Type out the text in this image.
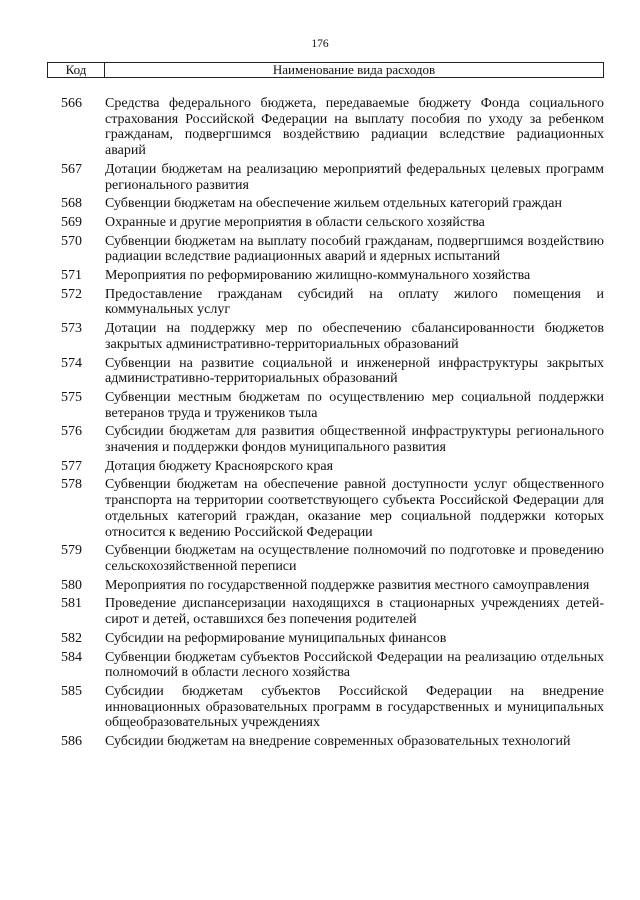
176
Код	Наименование вида расходов
566	Средства федерального бюджета, передаваемые бюджету Фонда социального страхования Российской Федерации на выплату пособия по уходу за ребенком гражданам, подвергшимся воздействию радиации вследствие радиационных аварий
567	Дотации бюджетам на реализацию мероприятий федеральных целевых программ регионального развития
568	Субвенции бюджетам на обеспечение жильем отдельных категорий граждан
569	Охранные и другие мероприятия в области сельского хозяйства
570	Субвенции бюджетам на выплату пособий гражданам, подвергшимся воздействию радиации вследствие радиационных аварий и ядерных испытаний
571	Мероприятия по реформированию жилищно-коммунального хозяйства
572	Предоставление гражданам субсидий на оплату жилого помещения и коммунальных услуг
573	Дотации на поддержку мер по обеспечению сбалансированности бюджетов закрытых административно-территориальных образований
574	Субвенции на развитие социальной и инженерной инфраструктуры закрытых административно-территориальных образований
575	Субвенции местным бюджетам по осуществлению мер социальной поддержки ветеранов труда и тружеников тыла
576	Субсидии бюджетам для развития общественной инфраструктуры регионального значения и поддержки фондов муниципального развития
577	Дотация бюджету Красноярского края
578	Субвенции бюджетам на обеспечение равной доступности услуг общественного транспорта на территории соответствующего субъекта Российской Федерации для отдельных категорий граждан, оказание мер социальной поддержки которых относится к ведению Российской Федерации
579	Субвенции бюджетам на осуществление полномочий по подготовке и проведению сельскохозяйственной переписи
580	Мероприятия по государственной поддержке развития местного самоуправления
581	Проведение диспансеризации находящихся в стационарных учреждениях детей-сирот и детей, оставшихся без попечения родителей
582	Субсидии на реформирование муниципальных финансов
584	Субвенции бюджетам субъектов Российской Федерации на реализацию отдельных полномочий в области лесного хозяйства
585	Субсидии бюджетам субъектов Российской Федерации на внедрение инновационных образовательных программ в государственных и муниципальных общеобразовательных учреждениях
586	Субсидии бюджетам на внедрение современных образовательных технологий
